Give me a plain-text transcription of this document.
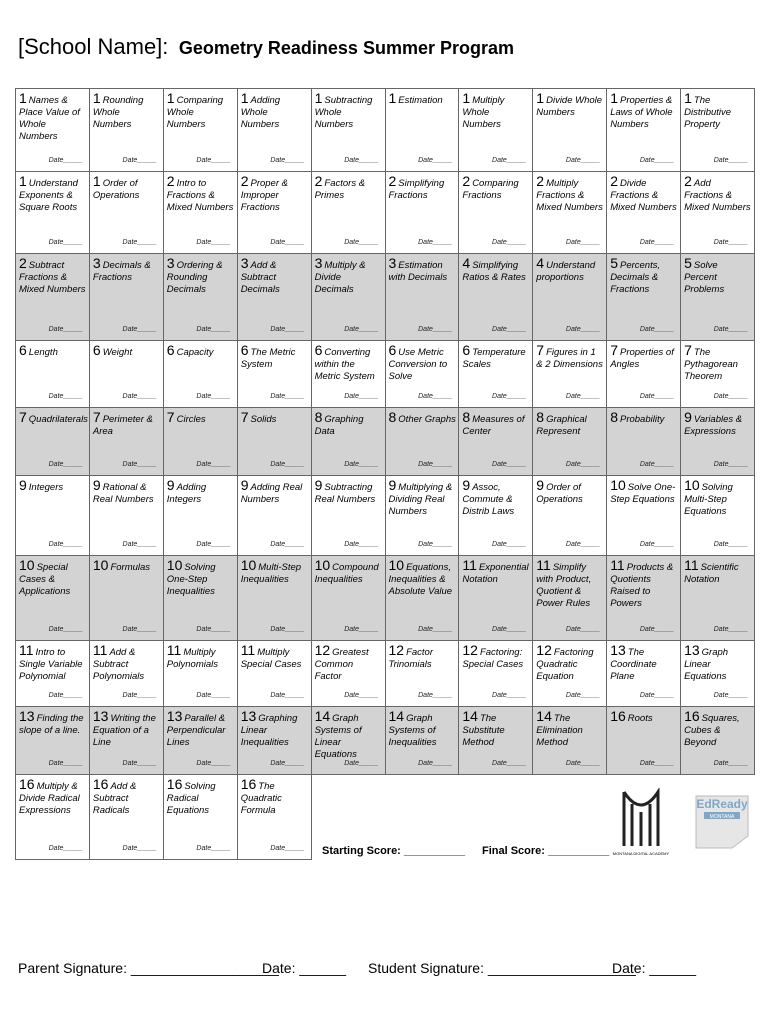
[School Name]: Geometry Readiness Summer Program
1 Names & Place Value of Whole Numbers
Date_____
1 Rounding Whole Numbers
Date_____
1 Comparing Whole Numbers
Date_____
1 Adding Whole Numbers
Date_____
1 Subtracting Whole Numbers
Date_____
1 Estimation
Date_____
1 Multiply Whole Numbers
Date_____
1 Divide Whole Numbers
Date_____
1 Properties & Laws of Whole Numbers
Date_____
1 The Distributive Property
Date_____
1 Understand Exponents & Square Roots
Date_____
1 Order of Operations
Date_____
2 Intro to Fractions & Mixed Numbers
Date_____
2 Proper & Improper Fractions
Date_____
2 Factors & Primes
Date_____
2 Simplifying Fractions
Date_____
2 Comparing Fractions
Date_____
2 Multiply Fractions & Mixed Numbers
Date_____
2 Divide Fractions & Mixed Numbers
Date_____
2 Add Fractions & Mixed Numbers
Date_____
2 Subtract Fractions & Mixed Numbers
Date_____
3 Decimals & Fractions
Date_____
3 Ordering & Rounding Decimals
Date_____
3 Add & Subtract Decimals
Date_____
3 Multiply & Divide Decimals
Date_____
3 Estimation with Decimals
Date_____
4 Simplifying Ratios & Rates
Date_____
4 Understand proportions
Date_____
5 Percents, Decimals & Fractions
Date_____
5 Solve Percent Problems
Date_____
6 Length
Date_____
6 Weight
Date_____
6 Capacity
Date_____
6 The Metric System
Date_____
6 Converting within the Metric System
Date_____
6 Use Metric Conversion to Solve
Date_____
6 Temperature Scales
Date_____
7 Figures in 1 & 2 Dimensions
Date_____
7 Properties of Angles
Date_____
7 The Pythagorean Theorem
Date_____
7 Quadrilaterals
Date_____
7 Perimeter & Area
Date_____
7 Circles
Date_____
7 Solids
Date_____
8 Graphing Data
Date_____
8 Other Graphs
Date_____
8 Measures of Center
Date_____
8 Graphical Represent
Date_____
8 Probability
Date_____
9 Variables & Expressions
Date_____
9 Integers
Date_____
9 Rational & Real Numbers
Date_____
9 Adding Integers
Date_____
9 Adding Real Numbers
Date_____
9 Subtracting Real Numbers
Date_____
9 Multiplying & Dividing Real Numbers
Date_____
9 Assoc, Commute & Distrib Laws
Date_____
9 Order of Operations
Date_____
10 Solve One-Step Equations
Date_____
10 Solving Multi-Step Equations
Date_____
10 Special Cases & Applications
Date_____
10 Formulas
Date_____
10 Solving One-Step Inequalities
Date_____
10 Multi-Step Inequalities
Date_____
10 Compound Inequalities
Date_____
10 Equations, Inequalities & Absolute Value
Date_____
11 Exponential Notation
Date_____
11 Simplify with Product, Quotient & Power Rules
Date_____
11 Products & Quotients Raised to Powers
Date_____
11 Scientific Notation
Date_____
11 Intro to Single Variable Polynomial
Date_____
11 Add & Subtract Polynomials
Date_____
11 Multiply Polynomials
Date_____
11 Multiply Special Cases
Date_____
12 Greatest Common Factor
Date_____
12 Factor Trinomials
Date_____
12 Factoring: Special Cases
Date_____
12 Factoring Quadratic Equation
Date_____
13 The Coordinate Plane
Date_____
13 Graph Linear Equations
Date_____
13 Finding the slope of a line.
Date_____
13 Writing the Equation of a Line
Date_____
13 Parallel & Perpendicular Lines
Date_____
13 Graphing Linear Inequalities
Date_____
14 Graph Systems of Linear Equations
Date_____
14 Graph Systems of Inequalities
Date_____
14 The Substitute Method
Date_____
14 The Elimination Method
Date_____
16 Roots
Date_____
16 Squares, Cubes & Beyond
Date_____
16 Multiply & Divide Radical Expressions
Date_____
16 Add & Subtract Radicals
Date_____
16 Solving Radical Equations
Date_____
16 The Quadratic Formula
Date_____ Starting Score: __________ Final Score: __________ MONTANA DIGITAL ACADEMY
EdReady
MONTANA
Parent Signature: ___________________
Date: ______ Student Signature: ___________________
Date: ______
